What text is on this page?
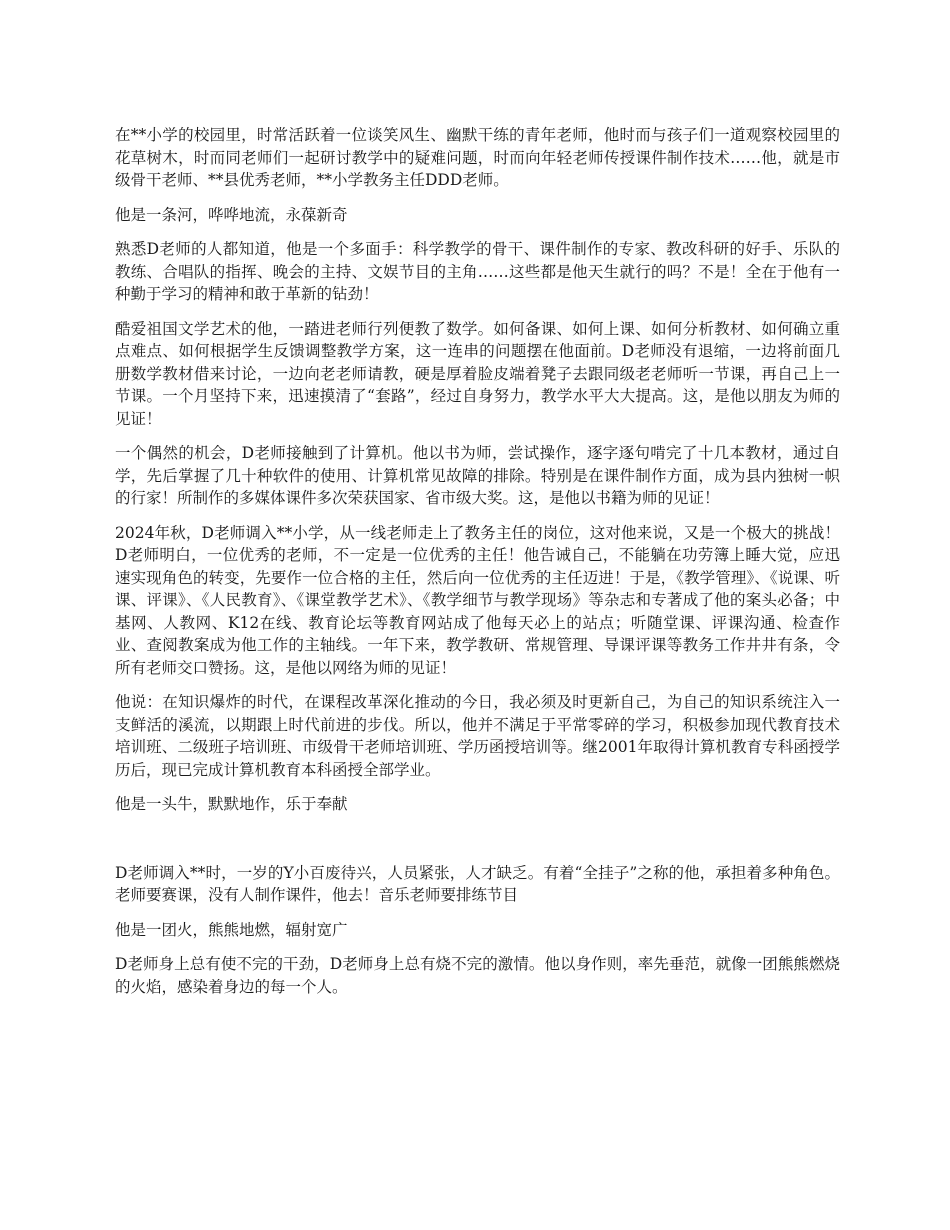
在**小学的校园里，时常活跃着一位谈笑风生、幽默干练的青年老师，他时而与孩子们一道观察校园里的花草树木，时而同老师们一起研讨教学中的疑难问题，时而向年轻老师传授课件制作技术……他，就是市级骨干老师、**县优秀老师，**小学教务主任DDD老师。

他是一条河，哗哗地流，永葆新奇

熟悉D老师的人都知道，他是一个多面手：科学教学的骨干、课件制作的专家、教改科研的好手、乐队的教练、合唱队的指挥、晚会的主持、文娱节目的主角……这些都是他天生就行的吗？不是！全在于他有一种勤于学习的精神和敢于革新的钻劲！

酷爱祖国文学艺术的他，一踏进老师行列便教了数学。如何备课、如何上课、如何分析教材、如何确立重点难点、如何根据学生反馈调整教学方案，这一连串的问题摆在他面前。D老师没有退缩，一边将前面几册数学教材借来讨论，一边向老老师请教，硬是厚着脸皮端着凳子去跟同级老老师听一节课，再自己上一节课。一个月坚持下来，迅速摸清了“套路”，经过自身努力，教学水平大大提高。这，是他以朋友为师的见证！

一个偶然的机会，D老师接触到了计算机。他以书为师，尝试操作，逐字逐句啃完了十几本教材，通过自学，先后掌握了几十种软件的使用、计算机常见故障的排除。特别是在课件制作方面，成为县内独树一帜的行家！所制作的多媒体课件多次荣获国家、省市级大奖。这，是他以书籍为师的见证！

2024年秋，D老师调入**小学，从一线老师走上了教务主任的岗位，这对他来说，又是一个极大的挑战！D老师明白，一位优秀的老师，不一定是一位优秀的主任！他告诫自己，不能躺在功劳簿上睡大觉，应迅速实现角色的转变，先要作一位合格的主任，然后向一位优秀的主任迈进！于是，《教学管理》、《说课、听课、评课》、《人民教育》、《课堂教学艺术》、《教学细节与教学现场》等杂志和专著成了他的案头必备；中基网、人教网、K12在线、教育论坛等教育网站成了他每天必上的站点；听随堂课、评课沟通、检查作业、查阅教案成为他工作的主轴线。一年下来，教学教研、常规管理、导课评课等教务工作井井有条，令所有老师交口赞扬。这，是他以网络为师的见证！

他说：在知识爆炸的时代，在课程改革深化推动的今日，我必须及时更新自己，为自己的知识系统注入一支鲜活的溪流，以期跟上时代前进的步伐。所以，他并不满足于平常零碎的学习，积极参加现代教育技术培训班、二级班子培训班、市级骨干老师培训班、学历函授培训等。继2001年取得计算机教育专科函授学历后，现已完成计算机教育本科函授全部学业。

他是一头牛，默默地作，乐于奉献

D老师调入**时，一岁的Y小百废待兴，人员紧张，人才缺乏。有着“全挂子”之称的他，承担着多种角色。老师要赛课，没有人制作课件，他去！音乐老师要排练节目

他是一团火，熊熊地燃，辐射宽广

D老师身上总有使不完的干劲，D老师身上总有烧不完的激情。他以身作则，率先垂范，就像一团熊熊燃烧的火焰，感染着身边的每一个人。
